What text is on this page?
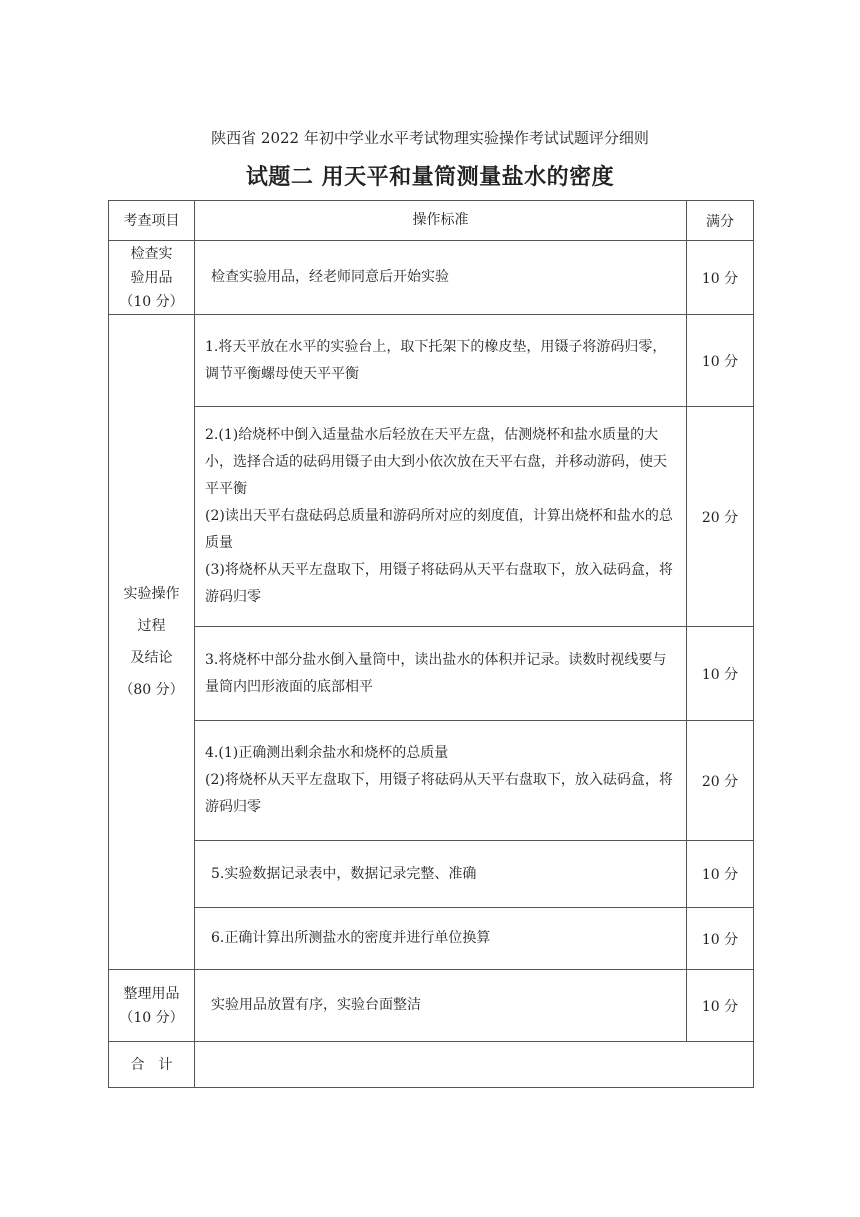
陕西省 2022 年初中学业水平考试物理实验操作考试试题评分细则
试题二 用天平和量筒测量盐水的密度
考查项目	操作标准	满分
检查实
验用品
（10 分）	检查实验用品，经老师同意后开始实验	10 分
实验操作
过程
及结论
（80 分）	1.将天平放在水平的实验台上，取下托架下的橡皮垫，用镊子将游码归零，调节平衡螺母使天平平衡	10 分
	2.(1)给烧杯中倒入适量盐水后轻放在天平左盘，估测烧杯和盐水质量的大小，选择合适的砝码用镊子由大到小依次放在天平右盘，并移动游码，使天平平衡
(2)读出天平右盘砝码总质量和游码所对应的刻度值，计算出烧杯和盐水的总质量
(3)将烧杯从天平左盘取下，用镊子将砝码从天平右盘取下，放入砝码盒，将游码归零	20 分
	3.将烧杯中部分盐水倒入量筒中，读出盐水的体积并记录。读数时视线要与量筒内凹形液面的底部相平	10 分
	4.(1)正确测出剩余盐水和烧杯的总质量
(2)将烧杯从天平左盘取下，用镊子将砝码从天平右盘取下，放入砝码盒，将游码归零	20 分
	5.实验数据记录表中，数据记录完整、准确	10 分
	6.正确计算出所测盐水的密度并进行单位换算	10 分
整理用品
（10 分）	实验用品放置有序，实验台面整洁	10 分
合　计		
